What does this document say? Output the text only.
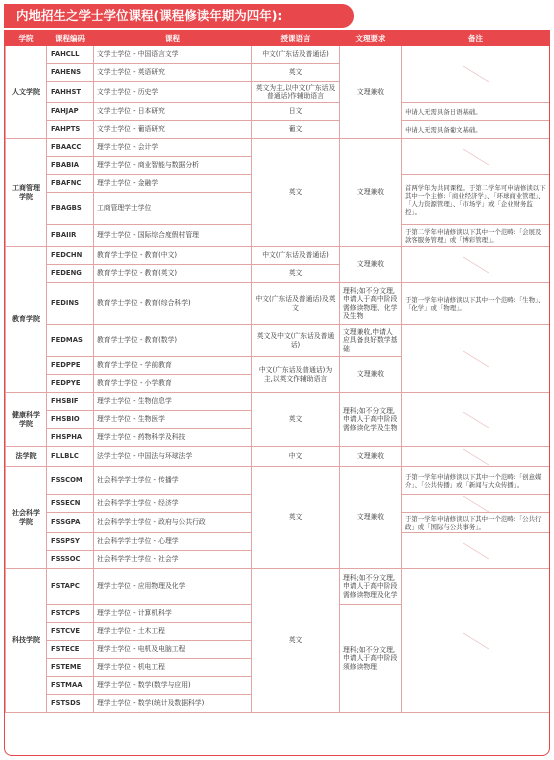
内地招生之学士学位课程(课程修读年期为四年):
学院	课程编码	课程	授课语言	文理要求	备注
人文学院	FAHCLL	文学士学位 - 中国语言文学	中文(广东话及普通话)	文理兼收	
	FAHENS	文学士学位 - 英语研究	英文		
	FAHHST	文学士学位 - 历史学	英文为主,以中文(广东话及普通话)作辅助语言		
	FAHJAP	文学士学位 - 日本研究	日文		申请人无需具备日语基础。
	FAHPTS	文学士学位 - 葡语研究	葡文		申请人无需具备葡文基础。
工商管理学院	FBAACC	理学士学位 - 会计学	英文	文理兼收	
	FBABIA	理学士学位 - 商业智能与数据分析			
	FBAFNC	理学士学位 - 金融学			首两学年为共同课程。于第二学年可申请修读以下其中一个主修:「商业经济学」、「环球商业管理」、「人力资源管理」、「市场学」或「企业财务监控」。
	FBAGBS	工商管理学士学位			
	FBAIIR	理学士学位 - 国际综合度假村管理			于第二学年申请修读以下其中一个范畴:「会展及款客服务管理」或「博彩管理」。
教育学院	FEDCHN	教育学士学位 - 教育(中文)	中文(广东话及普通话)	文理兼收	
	FEDENG	教育学士学位 - 教育(英文)	英文		
	FEDINS	教育学士学位 - 教育(综合科学)	中文(广东话及普通话)及英文	理科;如不分文理,申请人于高中阶段需修读物理、化学及生物	于第一学年申请修读以下其中一个范畴:「生物」、「化学」或「物理」。
	FEDMAS	教育学士学位 - 教育(数学)	英文及中文(广东话及普通话)	文理兼收,申请人应具备良好数学基础	
	FEDPPE	教育学士学位 - 学前教育	中文(广东话及普通话)为主,以英文作辅助语言	文理兼收	
	FEDPYE	教育学士学位 - 小学教育			
健康科学学院	FHSBIF	理学士学位 - 生物信息学	英文	理科;如不分文理,申请人于高中阶段需修读化学及生物	
	FHSBIO	理学士学位 - 生物医学			
	FHSPHA	理学士学位 - 药物科学及科技			
法学院	FLLBLC	法学士学位 - 中国法与环球法学	中文	文理兼收	
社会科学学院	FSSCOM	社会科学学士学位 - 传播学	英文	文理兼收	于第一学年申请修读以下其中一个范畴:「创意媒介」、「公共传播」或「新闻与大众传播」。
	FSSECN	社会科学学士学位 - 经济学			
	FSSGPA	社会科学学士学位 - 政府与公共行政			于第一学年申请修读以下其中一个范畴:「公共行政」或「国际与公共事务」。
	FSSPSY	社会科学学士学位 - 心理学			
	FSSSOC	社会科学学士学位 - 社会学			
科技学院	FSTAPC	理学士学位 - 应用物理及化学	英文	理科;如不分文理,申请人于高中阶段需修读物理及化学	
	FSTCPS	理学士学位 - 计算机科学		理科;如不分文理,申请人于高中阶段须修读物理	
	FSTCVE	理学士学位 - 土木工程			
	FSTECE	理学士学位 - 电机及电脑工程			
	FSTEME	理学士学位 - 机电工程			
	FSTMAA	理学士学位 - 数学(数学与应用)			
	FSTSDS	理学士学位 - 数学(统计及数据科学)			
